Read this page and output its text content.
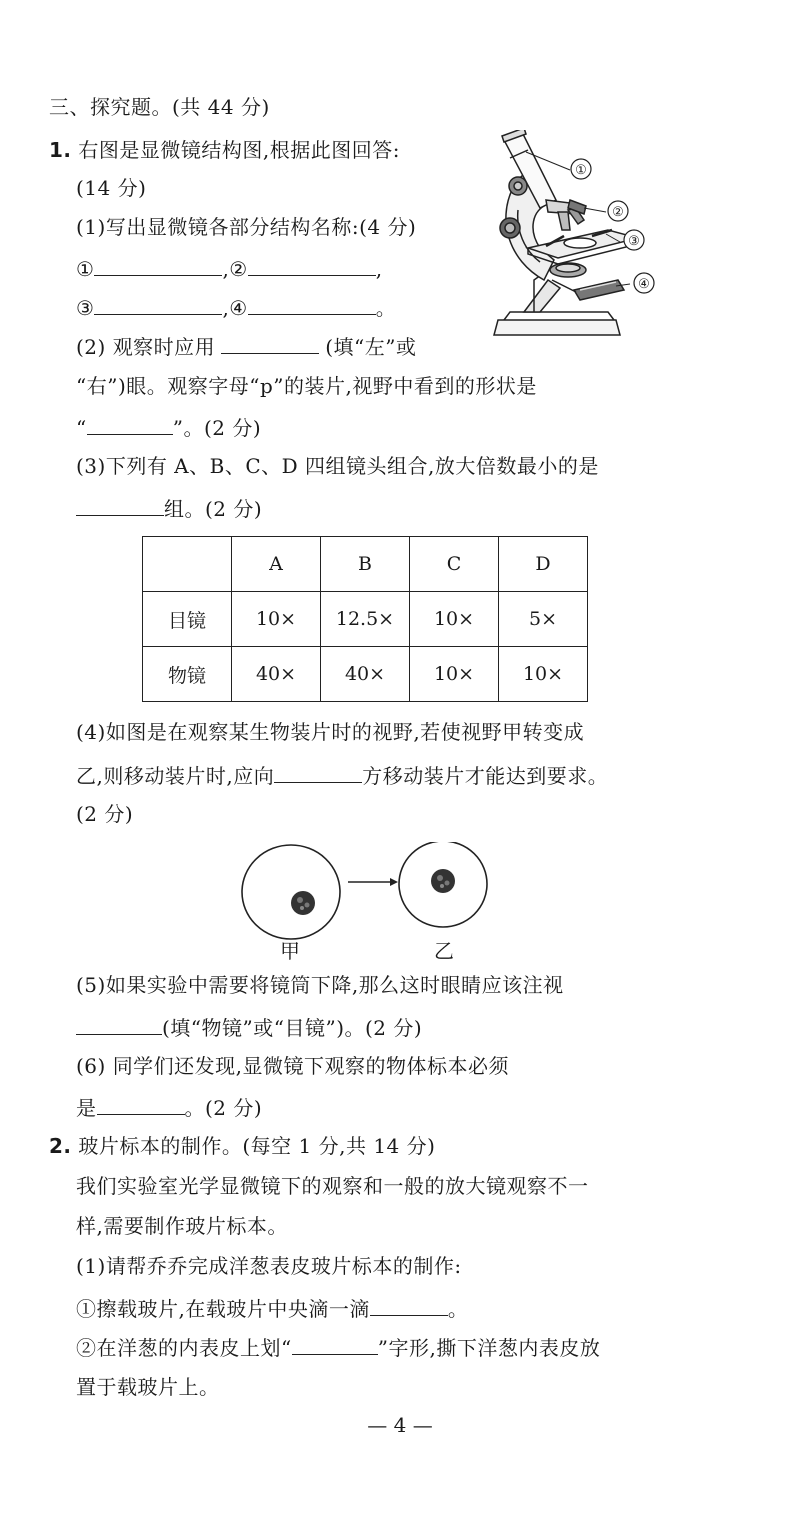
三、探究题。(共 44 分)
1. 右图是显微镜结构图,根据此图回答:
(14 分)
(1)写出显微镜各部分结构名称:(4 分)
①	,②	,
③	,④	。
(2) 观察时应用	(填“左”或
“右”)眼。观察字母“p”的装片,视野中看到的形状是
“	”。(2 分)
(3)下列有 A、B、C、D 四组镜头组合,放大倍数最小的是
组。(2 分)
	A	B	C	D
目镜	10×	12.5×	10×	5×
物镜	40×	40×	10×	10×
(4)如图是在观察某生物装片时的视野,若使视野甲转变成
乙,则移动装片时,应向	方移动装片才能达到要求。
(2 分)
甲	乙
(5)如果实验中需要将镜筒下降,那么这时眼睛应该注视
(填“物镜”或“目镜”)。(2 分)
(6) 同学们还发现,显微镜下观察的物体标本必须
是	。(2 分)
2. 玻片标本的制作。(每空 1 分,共 14 分)
我们实验室光学显微镜下的观察和一般的放大镜观察不一
样,需要制作玻片标本。
(1)请帮乔乔完成洋葱表皮玻片标本的制作:
①擦载玻片,在载玻片中央滴一滴	。
②在洋葱的内表皮上划“	”字形,撕下洋葱内表皮放
置于载玻片上。
①
②
③
④
— 4 —
